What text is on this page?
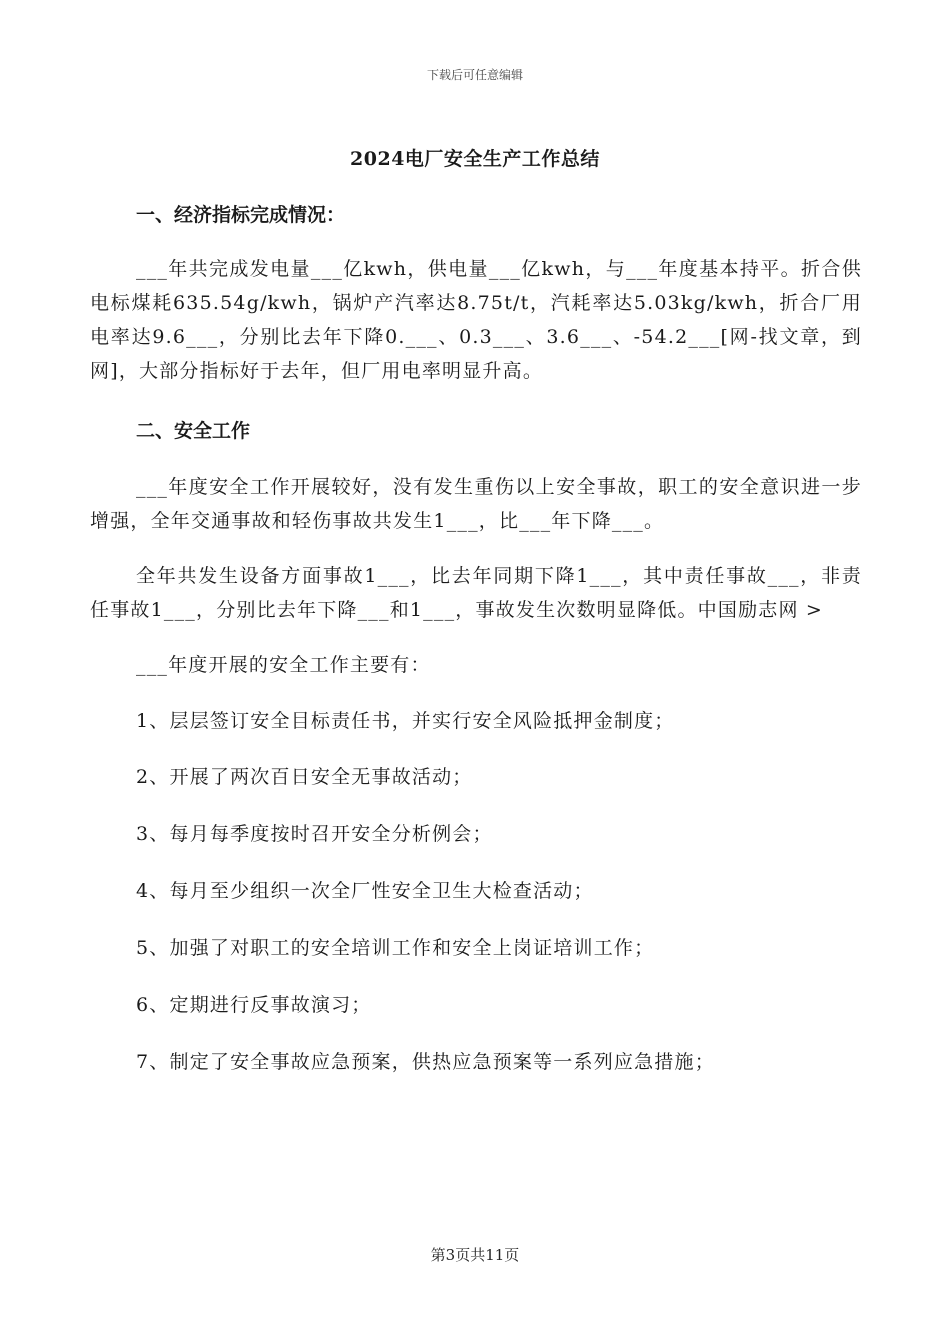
下载后可任意编辑
2024电厂安全生产工作总结

一、经济指标完成情况：

___年共完成发电量___亿kwh，供电量___亿kwh，与___年度基本持平。折合供电标煤耗635.54g/kwh，锅炉产汽率达8.75t/t，汽耗率达5.03kg/kwh，折合厂用电率达9.6___，分别比去年下降0.___、0.3___、3.6___、-54.2___[网-找文章，到网]，大部分指标好于去年，但厂用电率明显升高。

二、安全工作

___年度安全工作开展较好，没有发生重伤以上安全事故，职工的安全意识进一步增强，全年交通事故和轻伤事故共发生1___，比___年下降___。

全年共发生设备方面事故1___，比去年同期下降1___，其中责任事故___，非责任事故1___，分别比去年下降___和1___，事故发生次数明显降低。中国励志网 >

___年度开展的安全工作主要有：

1、层层签订安全目标责任书，并实行安全风险抵押金制度；

2、开展了两次百日安全无事故活动；

3、每月每季度按时召开安全分析例会；

4、每月至少组织一次全厂性安全卫生大检查活动；

5、加强了对职工的安全培训工作和安全上岗证培训工作；

6、定期进行反事故演习；

7、制定了安全事故应急预案，供热应急预案等一系列应急措施；

第3页共11页
